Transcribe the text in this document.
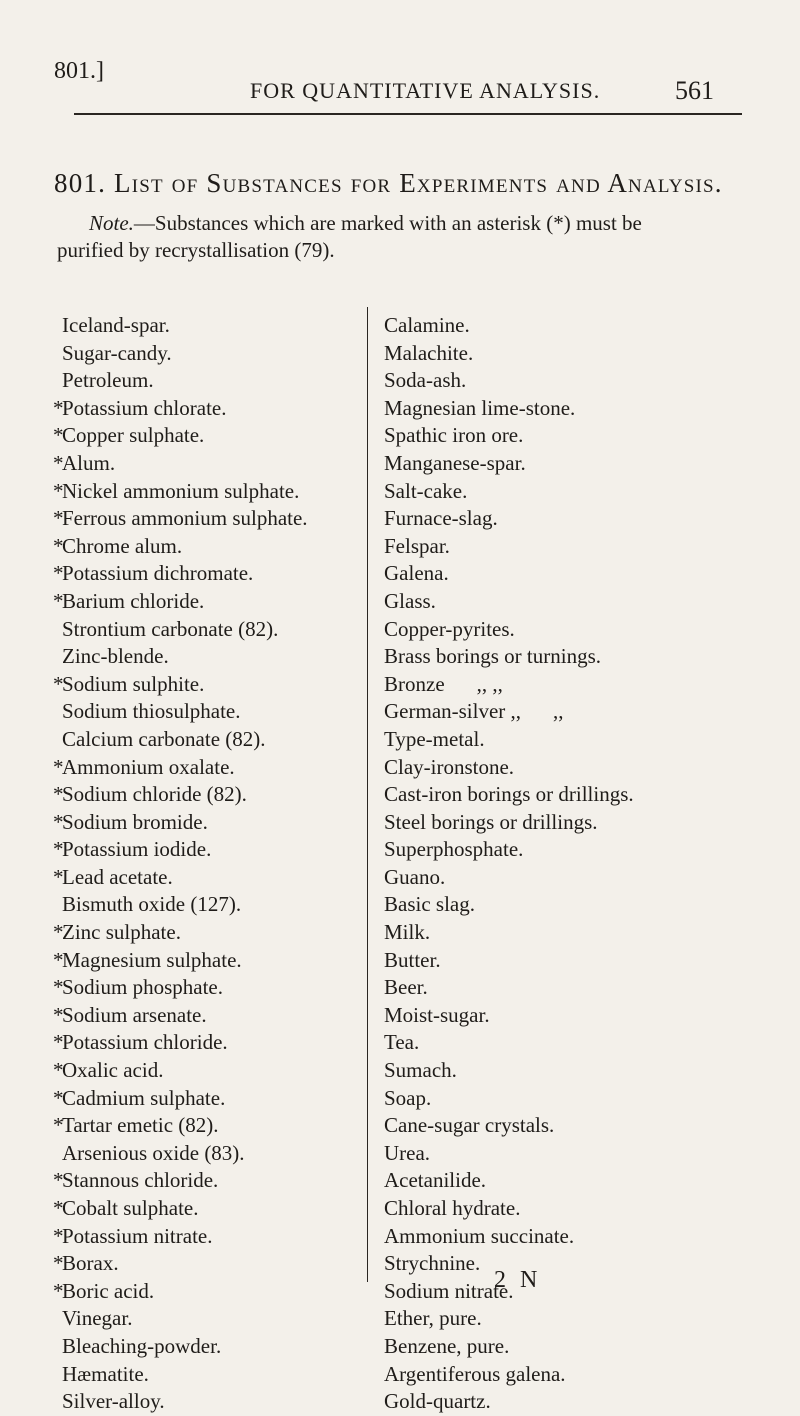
801.]
FOR QUANTITATIVE ANALYSIS.	561
801. List of Substances for Experiments and Analysis.
Note.—Substances which are marked with an asterisk (*) must be
purified by recrystallisation (79).
Iceland-spar.
Sugar-candy.
Petroleum.
*Potassium chlorate.
*Copper sulphate.
*Alum.
*Nickel ammonium sulphate.
*Ferrous ammonium sulphate.
*Chrome alum.
*Potassium dichromate.
*Barium chloride.
Strontium carbonate (82).
Zinc-blende.
*Sodium sulphite.
Sodium thiosulphate.
Calcium carbonate (82).
*Ammonium oxalate.
*Sodium chloride (82).
*Sodium bromide.
*Potassium iodide.
*Lead acetate.
Bismuth oxide (127).
*Zinc sulphate.
*Magnesium sulphate.
*Sodium phosphate.
*Sodium arsenate.
*Potassium chloride.
*Oxalic acid.
*Cadmium sulphate.
*Tartar emetic (82).
Arsenious oxide (83).
*Stannous chloride.
*Cobalt sulphate.
*Potassium nitrate.
*Borax.
*Boric acid.
Vinegar.
Bleaching-powder.
Hæmatite.
Silver-alloy.
Calamine.
Malachite.
Soda-ash.
Magnesian lime-stone.
Spathic iron ore.
Manganese-spar.
Salt-cake.
Furnace-slag.
Felspar.
Galena.
Glass.
Copper-pyrites.
Brass borings or turnings.
Bronze ,, ,,
German-silver ,, ,,
Type-metal.
Clay-ironstone.
Cast-iron borings or drillings.
Steel borings or drillings.
Superphosphate.
Guano.
Basic slag.
Milk.
Butter.
Beer.
Moist-sugar.
Tea.
Sumach.
Soap.
Cane-sugar crystals.
Urea.
Acetanilide.
Chloral hydrate.
Ammonium succinate.
Strychnine.
Sodium nitrate.
Ether, pure.
Benzene, pure.
Argentiferous galena.
Gold-quartz.
2 N
